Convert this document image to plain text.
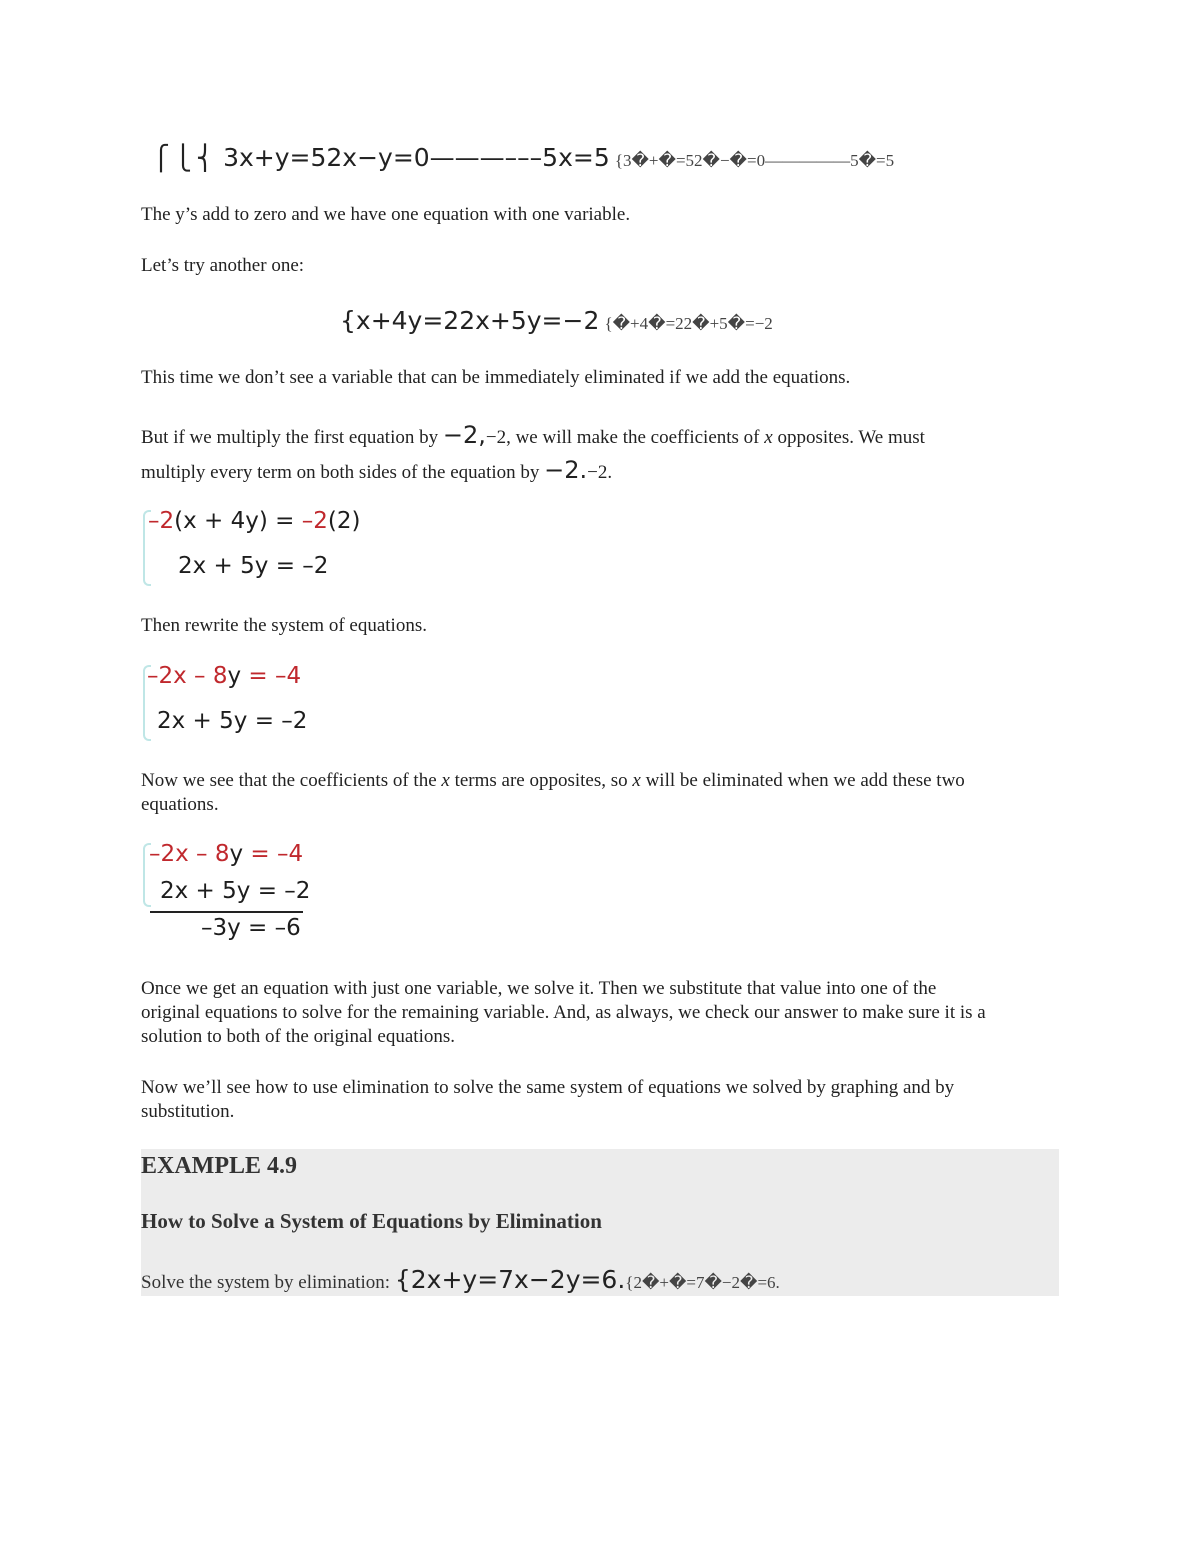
⎧⎩⎨ 3x+y=52x−y=0———–––5x=5 {3�+�=52�−�=0—————5�=5

The y’s add to zero and we have one equation with one variable.

Let’s try another one:

{x+4y=22x+5y=−2 {�+4�=22�+5�=−2

This time we don’t see a variable that can be immediately eliminated if we add the equations.

But if we multiply the first equation by −2,−2, we will make the coefficients of x opposites. We must
multiply every term on both sides of the equation by −2.−2.
–2(x + 4y) = –2(2)
2x + 5y = –2

Then rewrite the system of equations.

–2x – 8y = –4
2x + 5y = –2
Now we see that the coefficients of the x terms are opposites, so x will be eliminated when we add these two
equations.
–2x – 8y = –4
2x + 5y = –2
–3y = –6
Once we get an equation with just one variable, we solve it. Then we substitute that value into one of the
original equations to solve for the remaining variable. And, as always, we check our answer to make sure it is a
solution to both of the original equations.
Now we’ll see how to use elimination to solve the same system of equations we solved by graphing and by
substitution.
EXAMPLE 4.9
How to Solve a System of Equations by Elimination
Solve the system by elimination: {2x+y=7x−2y=6.{2�+�=7�−2�=6.
